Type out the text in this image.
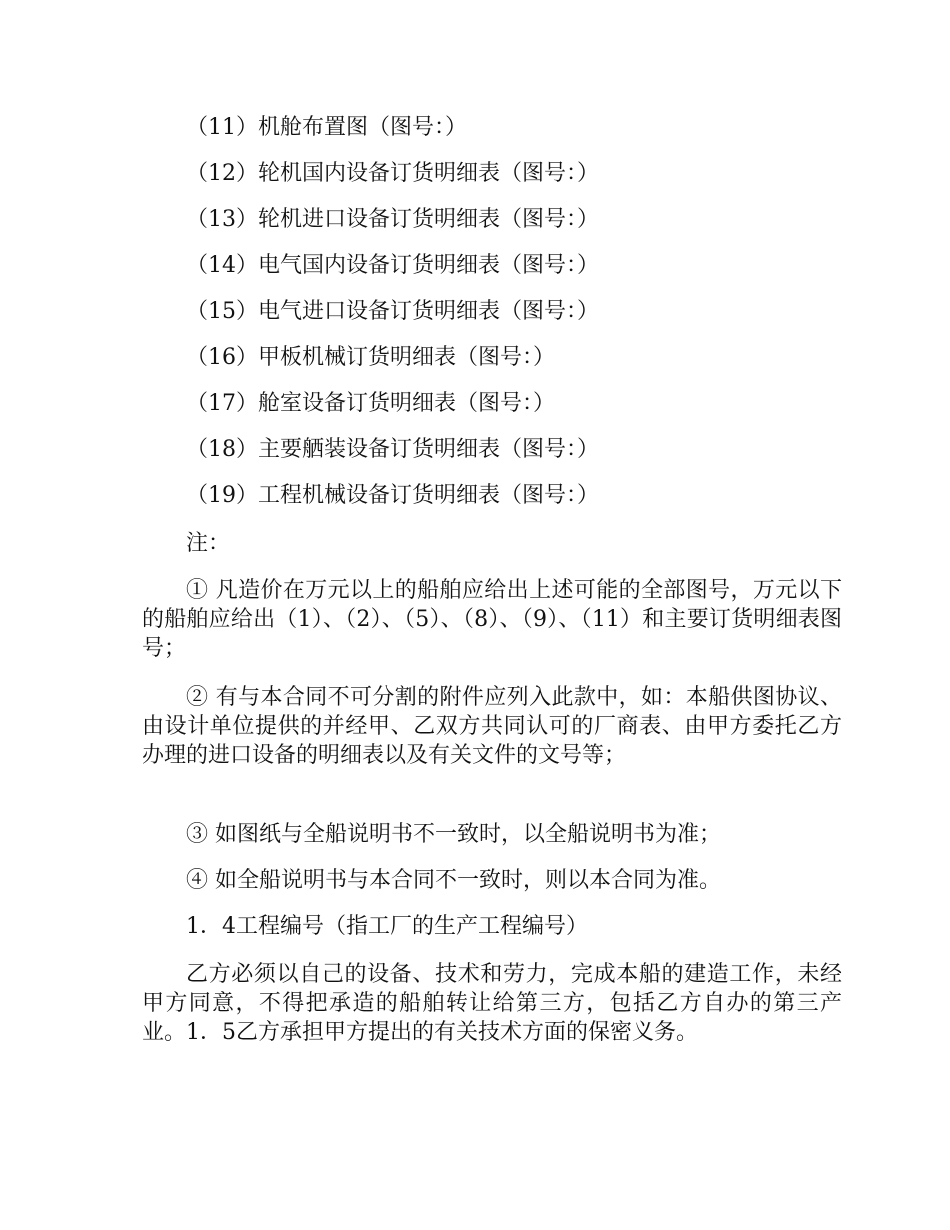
（11）机舱布置图（图号：）
（12）轮机国内设备订货明细表（图号：）
（13）轮机进口设备订货明细表（图号：）
（14）电气国内设备订货明细表（图号：）
（15）电气进口设备订货明细表（图号：）
（16）甲板机械订货明细表（图号：）
（17）舱室设备订货明细表（图号：）
（18）主要舾装设备订货明细表（图号：）
（19）工程机械设备订货明细表（图号：）
注：
① 凡造价在万元以上的船舶应给出上述可能的全部图号，万元以下的船舶应给出（1）、（2）、（5）、（8）、（9）、（11）和主要订货明细表图号；
② 有与本合同不可分割的附件应列入此款中，如：本船供图协议、由设计单位提供的并经甲、乙双方共同认可的厂商表、由甲方委托乙方办理的进口设备的明细表以及有关文件的文号等；
③ 如图纸与全船说明书不一致时，以全船说明书为准；
④ 如全船说明书与本合同不一致时，则以本合同为准。
1．4工程编号（指工厂的生产工程编号）
乙方必须以自己的设备、技术和劳力，完成本船的建造工作，未经甲方同意，不得把承造的船舶转让给第三方，包括乙方自办的第三产业。1．5乙方承担甲方提出的有关技术方面的保密义务。
